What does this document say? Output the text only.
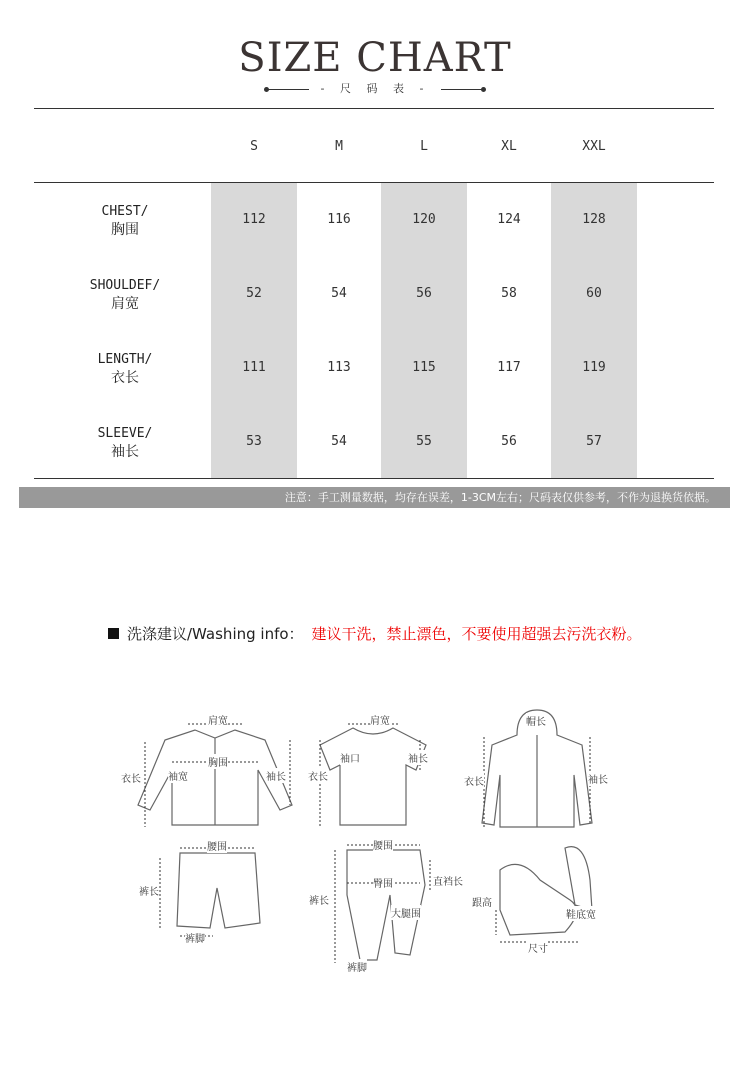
SIZE CHART
- 尺 码 表 -
S	M	L	XL	XXL
CHEST/
胸围
112	116	120	124	128
SHOULDEF/
肩宽
52	54	56	58	60
LENGTH/
衣长
111	113	115	117	119
SLEEVE/
袖长
53	54	55	56	57
注意：手工测量数据，均存在误差，1-3CM左右；尺码表仅供参考，不作为退换货依据。
洗涤建议/Washing info： 建议干洗，禁止漂色，不要使用超强去污洗衣粉。
肩宽
胸围
衣长	袖宽	袖长
肩宽
袖口
衣长
袖长
帽长
衣长	袖长
腰围
裤长
裤脚
腰围
臀围	直裆长
裤长
大腿围
裤脚
跟高
鞋底宽
尺寸
